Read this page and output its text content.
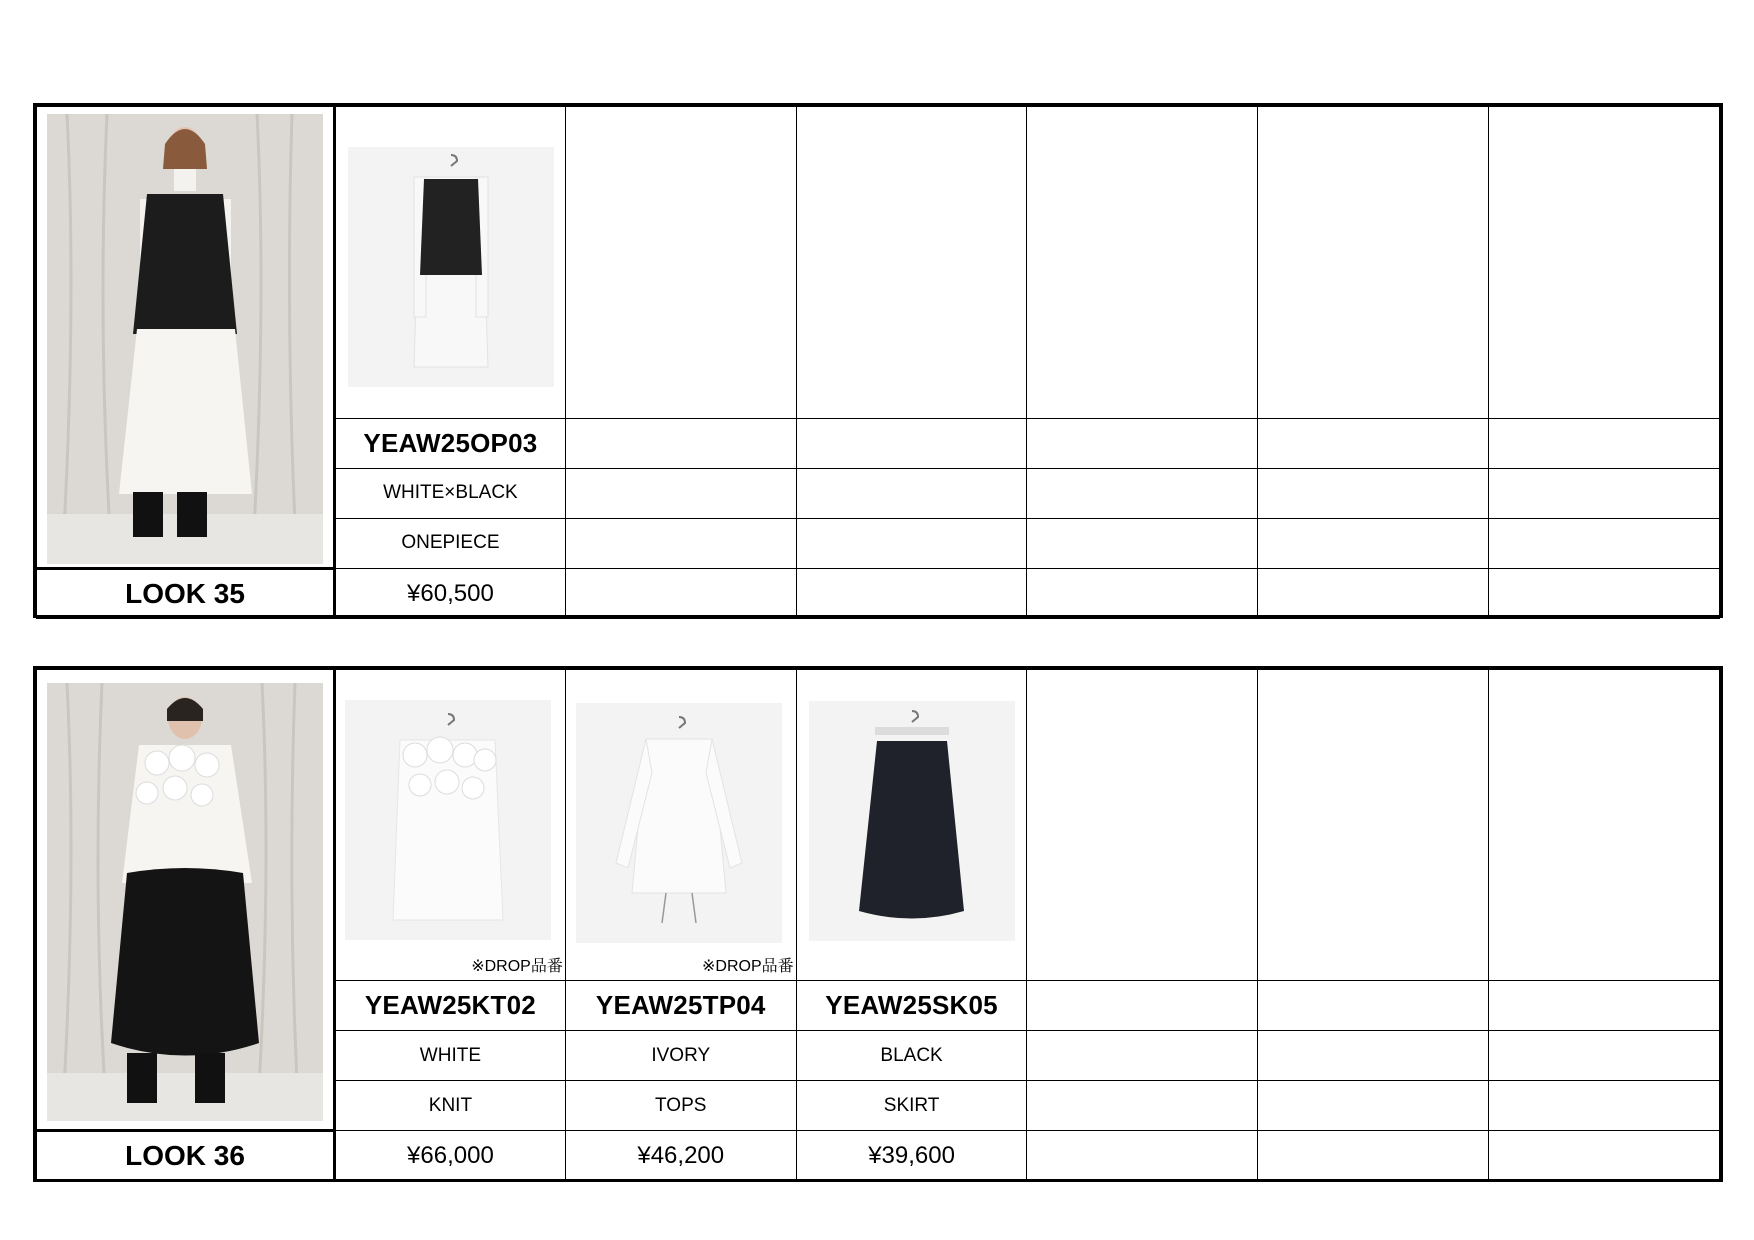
	YEAW25OP03					
	WHITE×BLACK					
	ONEPIECE					
LOOK 35	¥60,500					

※DROP品番	※DROP品番

	YEAW25KT02	YEAW25TP04	YEAW25SK05			
	WHITE	IVORY	BLACK			
	KNIT	TOPS	SKIRT			
LOOK 36	¥66,000	¥46,200	¥39,600			
